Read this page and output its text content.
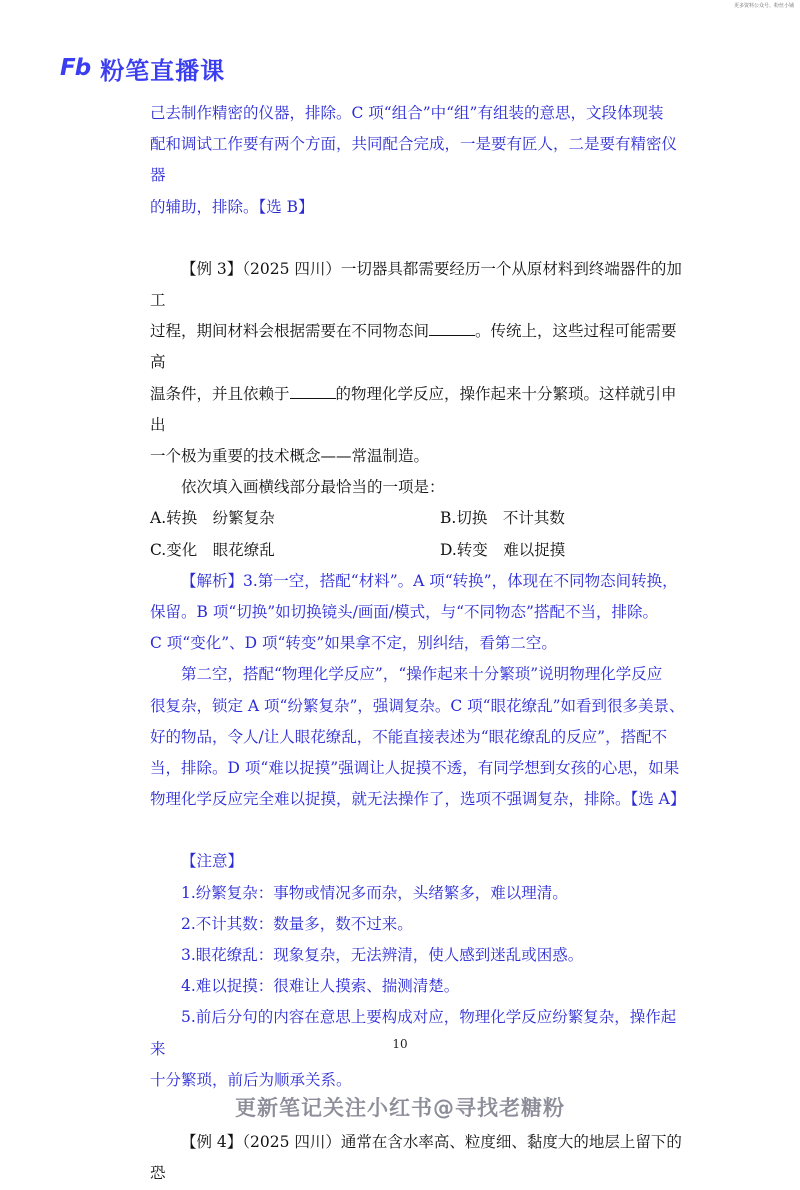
更多资料公众号、粉丝小铺
Fb 粉笔直播课

己去制作精密的仪器，排除。C 项“组合”中“组”有组装的意思，文段体现装

配和调试工作要有两个方面，共同配合完成，一是要有匠人，二是要有精密仪器

的辅助，排除。【选 B】

【例 3】（2025 四川）一切器具都需要经历一个从原材料到终端器件的加工

过程，期间材料会根据需要在不同物态间	。传统上，这些过程可能需要高

温条件，并且依赖于	的物理化学反应，操作起来十分繁琐。这样就引申出

一个极为重要的技术概念——常温制造。

依次填入画横线部分最恰当的一项是：

A.转换　纷繁复杂	B.切换　不计其数
C.变化　眼花缭乱	D.转变　难以捉摸

【解析】3.第一空，搭配“材料”。A 项“转换”，体现在不同物态间转换，

保留。B 项“切换”如切换镜头/画面/模式，与“不同物态”搭配不当，排除。

C 项“变化”、D 项“转变”如果拿不定，别纠结，看第二空。

第二空，搭配“物理化学反应”，“操作起来十分繁琐”说明物理化学反应

很复杂，锁定 A 项“纷繁复杂”，强调复杂。C 项“眼花缭乱”如看到很多美景、

好的物品，令人/让人眼花缭乱，不能直接表述为“眼花缭乱的反应”，搭配不

当，排除。D 项“难以捉摸”强调让人捉摸不透，有同学想到女孩的心思，如果

物理化学反应完全难以捉摸，就无法操作了，选项不强调复杂，排除。【选 A】

【注意】

1.纷繁复杂：事物或情况多而杂，头绪繁多，难以理清。

2.不计其数：数量多，数不过来。

3.眼花缭乱：现象复杂，无法辨清，使人感到迷乱或困惑。

4.难以捉摸：很难让人摸索、揣测清楚。

5.前后分句的内容在意思上要构成对应，物理化学反应纷繁复杂，操作起来

十分繁琐，前后为顺承关系。

【例 4】（2025 四川）通常在含水率高、粒度细、黏度大的地层上留下的恐

10
更新笔记关注小红书@寻找老糖粉
